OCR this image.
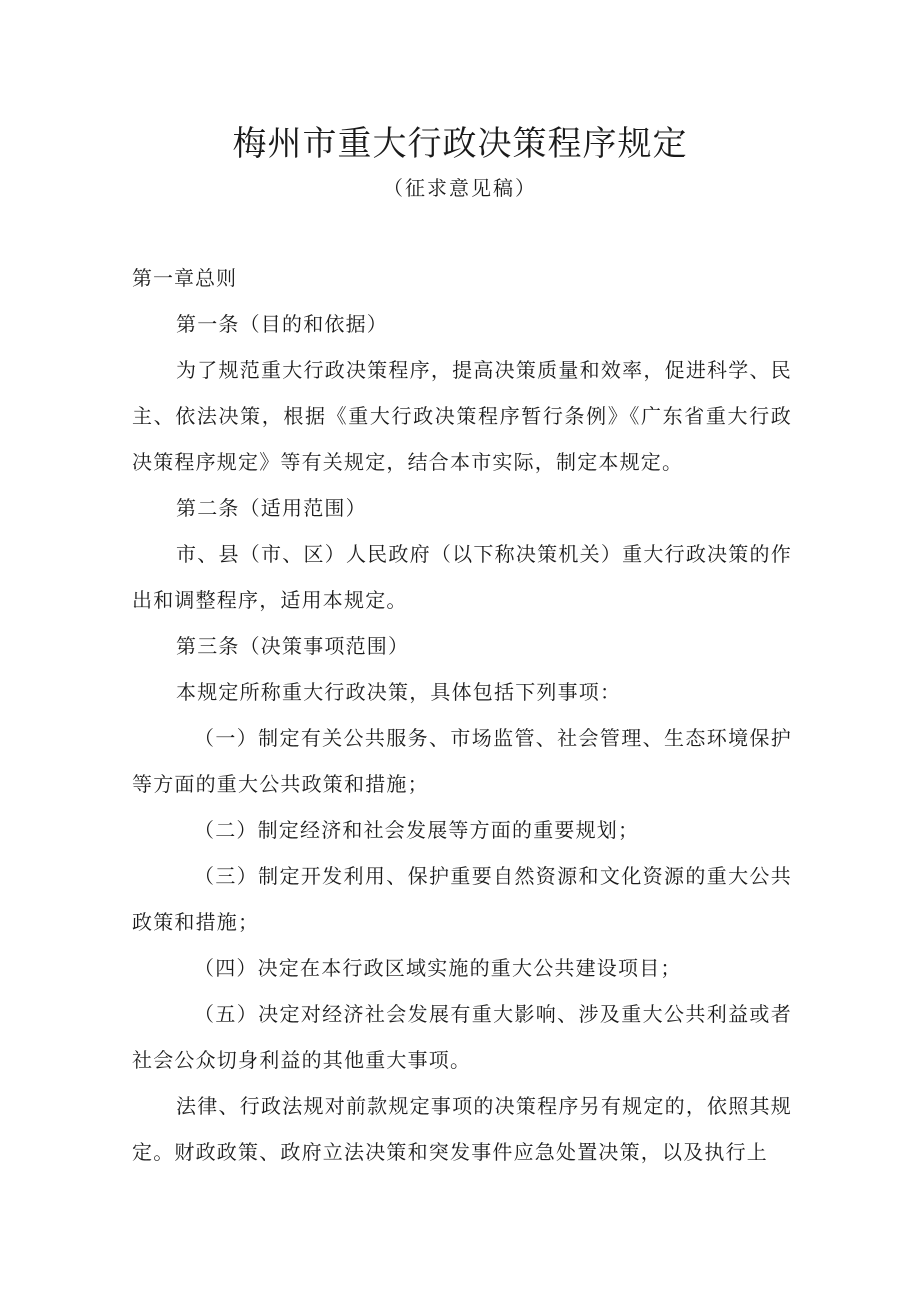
梅州市重大行政决策程序规定
（征求意见稿）

第一章总则

第一条（目的和依据）

为了规范重大行政决策程序，提高决策质量和效率，促进科学、民主、依法决策，根据《重大行政决策程序暂行条例》《广东省重大行政决策程序规定》等有关规定，结合本市实际，制定本规定。

第二条（适用范围）

市、县（市、区）人民政府（以下称决策机关）重大行政决策的作出和调整程序，适用本规定。

第三条（决策事项范围）

本规定所称重大行政决策，具体包括下列事项：

（一）制定有关公共服务、市场监管、社会管理、生态环境保护等方面的重大公共政策和措施；

（二）制定经济和社会发展等方面的重要规划；

（三）制定开发利用、保护重要自然资源和文化资源的重大公共政策和措施；

（四）决定在本行政区域实施的重大公共建设项目；

（五）决定对经济社会发展有重大影响、涉及重大公共利益或者社会公众切身利益的其他重大事项。

法律、行政法规对前款规定事项的决策程序另有规定的，依照其规定。财政政策、政府立法决策和突发事件应急处置决策，以及执行上
